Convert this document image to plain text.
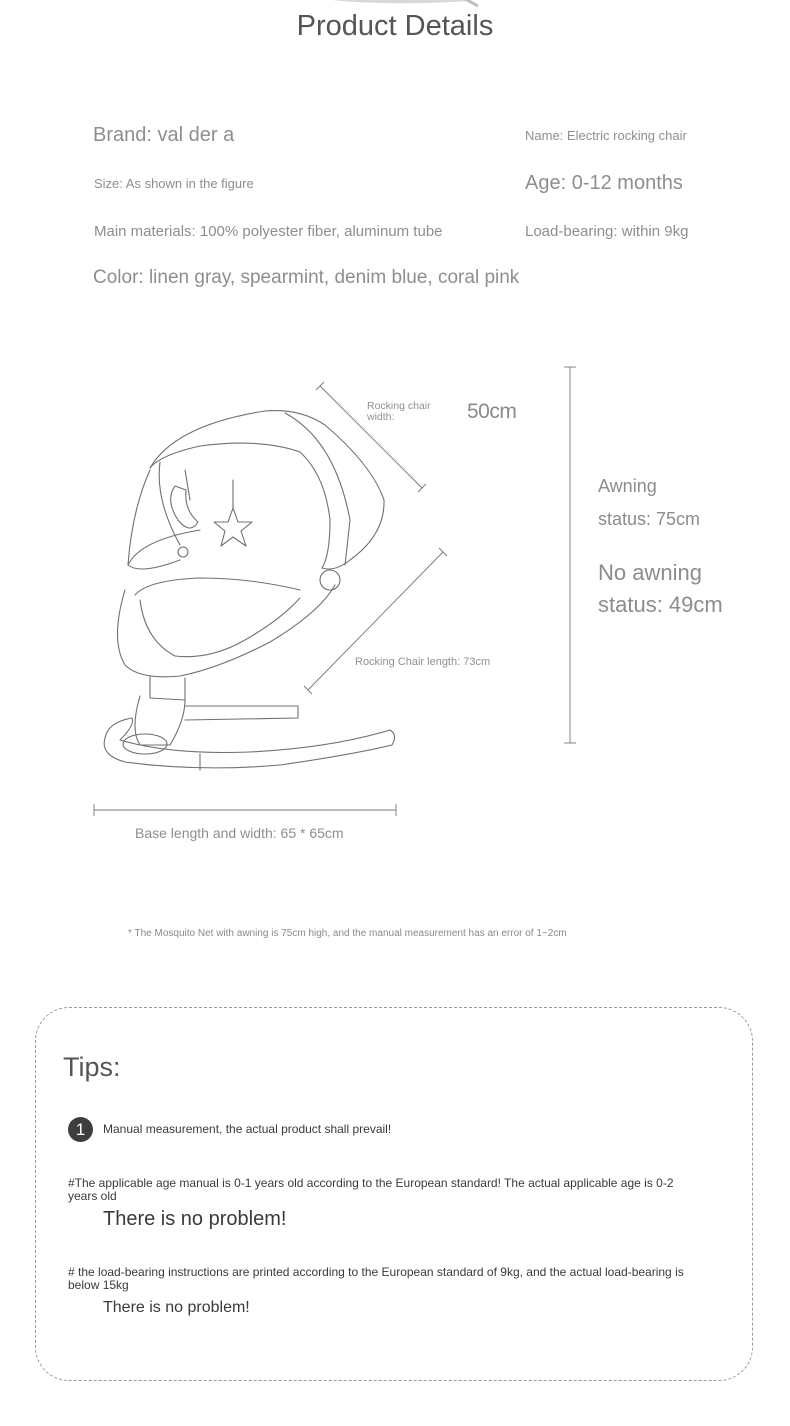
Product Details
Brand: val der a	Name: Electric rocking chair
Size: As shown in the figure	Age: 0-12 months
Main materials: 100% polyester fiber, aluminum tube	Load-bearing: within 9kg
Color: linen gray, spearmint, denim blue, coral pink
Rocking chair width:	50cm
Rocking Chair length: 73cm
Base length and width: 65 * 65cm
Awning
status: 75cm
No awning
status: 49cm
* The Mosquito Net with awning is 75cm high, and the manual measurement has an error of 1~2cm
Tips:
1	Manual measurement, the actual product shall prevail!
#The applicable age manual is 0-1 years old according to the European standard! The actual applicable age is 0-2 years old
There is no problem!
# the load-bearing instructions are printed according to the European standard of 9kg, and the actual load-bearing is below 15kg
There is no problem!
